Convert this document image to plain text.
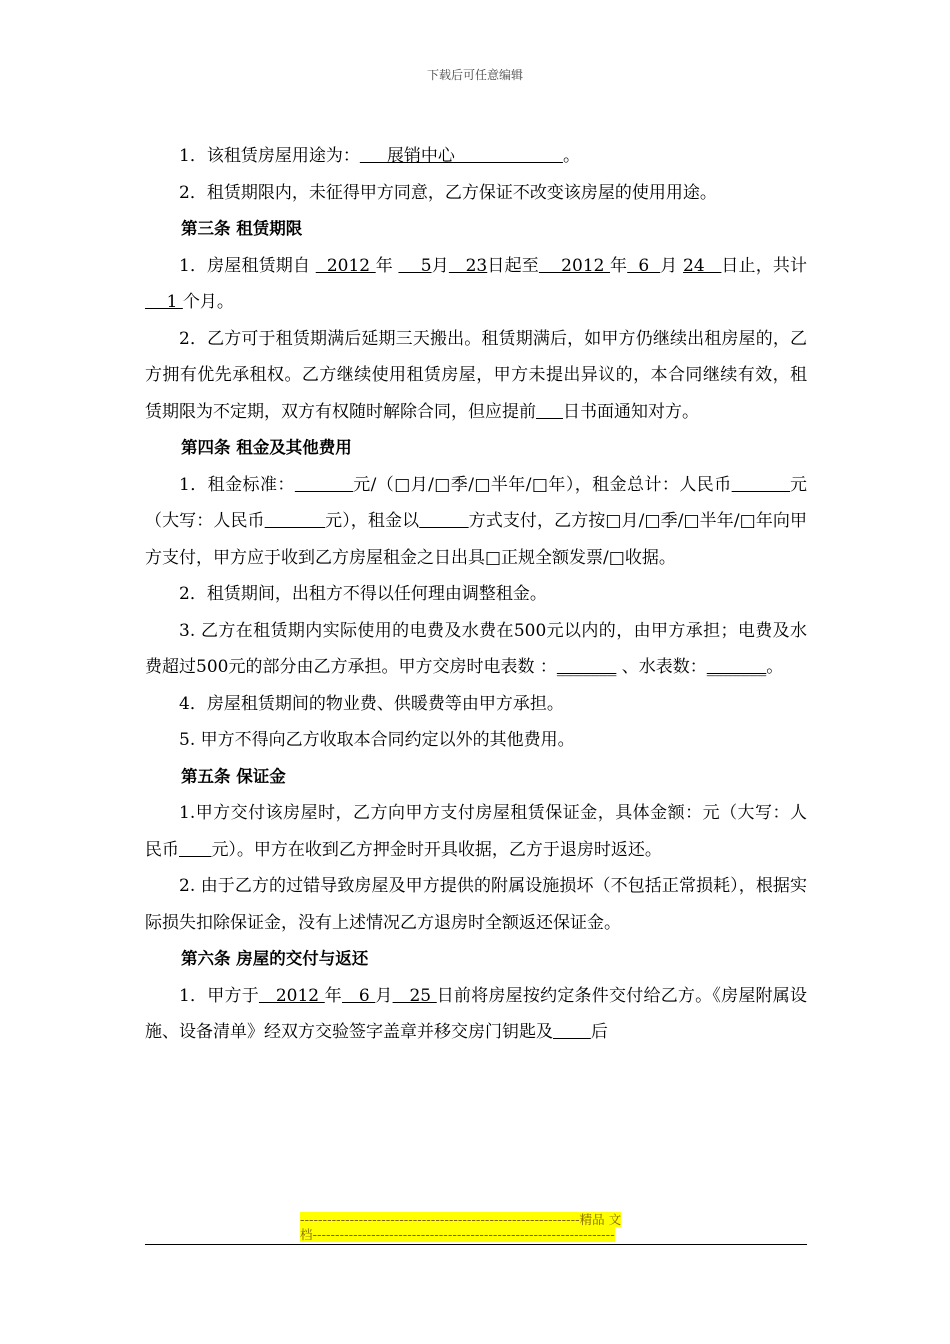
下载后可任意编辑

1．该租赁房屋用途为：     展销中心                    。

2．租赁期限内，未征得甲方同意，乙方保证不改变该房屋的使用用途。

第三条 租赁期限

1．房屋租赁期自   2012 年     5月   23日起至    2012 年  6  月 24   日止，共计    1 个月。

2．乙方可于租赁期满后延期三天搬出。租赁期满后，如甲方仍继续出租房屋的，乙方拥有优先承租权。乙方继续使用租赁房屋，甲方未提出异议的，本合同继续有效，租赁期限为不定期，双方有权随时解除合同，但应提前 日书面通知对方。

第四条 租金及其他费用

1．租金标准：	元/（□月/□季/□半年/□年），租金总计：人民币	元（大写：人民币	元），租金以	方式支付，乙方按□月/□季/□半年/□年向甲方支付，甲方应于收到乙方房屋租金之日出具□正规全额发票/□收据。

2．租赁期间，出租方不得以任何理由调整租金。

3. 乙方在租赁期内实际使用的电费及水费在500元以内的，由甲方承担；电费及水费超过500元的部分由乙方承担。甲方交房时电表数 ：_______ 、水表数：_______。

4．房屋租赁期间的物业费、供暖费等由甲方承担。

5. 甲方不得向乙方收取本合同约定以外的其他费用。

第五条 保证金

1.甲方交付该房屋时，乙方向甲方支付房屋租赁保证金，具体金额：元（大写：人民币 元）。甲方在收到乙方押金时开具收据，乙方于退房时返还。

2. 由于乙方的过错导致房屋及甲方提供的附属设施损坏（不包括正常损耗），根据实际损失扣除保证金，没有上述情况乙方退房时全额返还保证金。

第六条 房屋的交付与返还

1．甲方于   2012 年   6 月   25 日前将房屋按约定条件交付给乙方。《房屋附属设施、设备清单》经双方交验签字盖章并移交房门钥匙及 后

--------------------------------------------------------------精品 文
档-------------------------------------------------------------------
